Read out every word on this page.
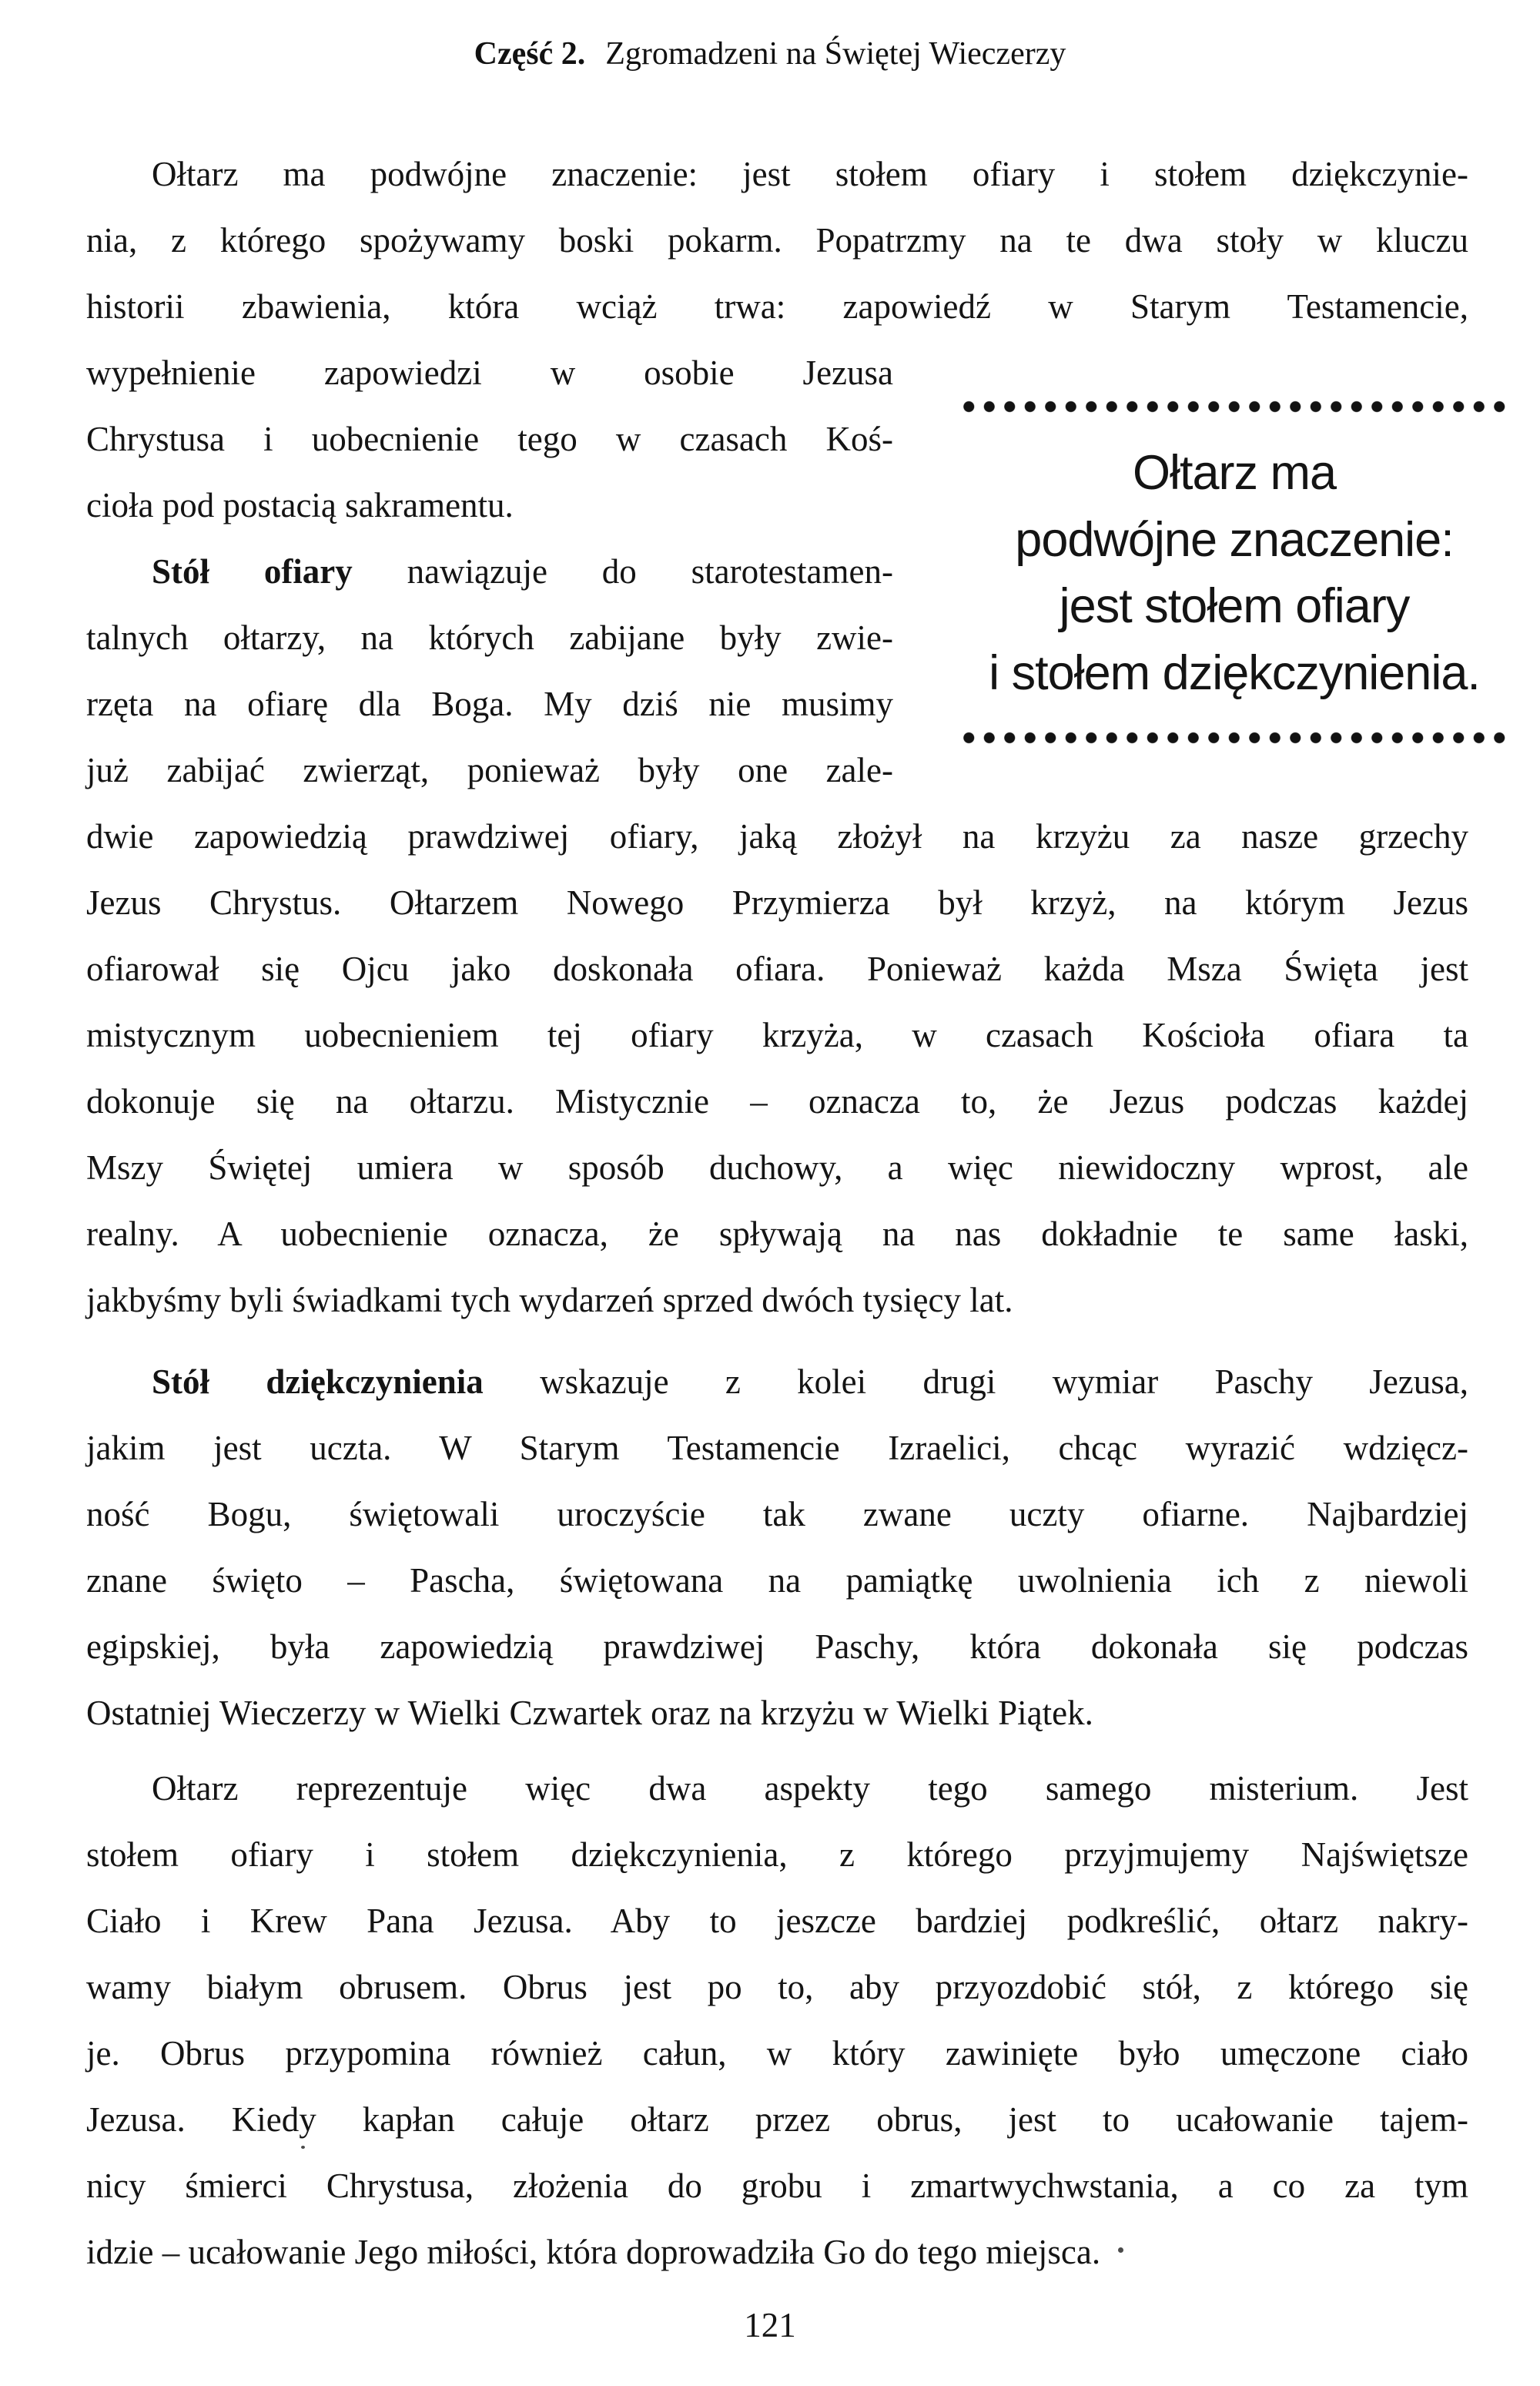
Część 2. Zgromadzeni na Świętej Wieczerzy
Ołtarz ma podwójne znaczenie: jest stołem ofiary i stołem dziękczynie-
nia, z którego spożywamy boski pokarm. Popatrzmy na te dwa stoły w kluczu
historii zbawienia, która wciąż trwa: zapowiedź w Starym Testamencie,
wypełnienie zapowiedzi w osobie Jezusa
Chrystusa i uobecnienie tego w czasach Koś-
cioła pod postacią sakramentu.
Stół ofiary nawiązuje do starotestamen-
talnych ołtarzy, na których zabijane były zwie-
rzęta na ofiarę dla Boga. My dziś nie musimy
już zabijać zwierząt, ponieważ były one zale-
dwie zapowiedzią prawdziwej ofiary, jaką złożył na krzyżu za nasze grzechy
Jezus Chrystus. Ołtarzem Nowego Przymierza był krzyż, na którym Jezus
ofiarował się Ojcu jako doskonała ofiara. Ponieważ każda Msza Święta jest
mistycznym uobecnieniem tej ofiary krzyża, w czasach Kościoła ofiara ta
dokonuje się na ołtarzu. Mistycznie – oznacza to, że Jezus podczas każdej
Mszy Świętej umiera w sposób duchowy, a więc niewidoczny wprost, ale
realny. A uobecnienie oznacza, że spływają na nas dokładnie te same łaski,
jakbyśmy byli świadkami tych wydarzeń sprzed dwóch tysięcy lat.
Stół dziękczynienia wskazuje z kolei drugi wymiar Paschy Jezusa,
jakim jest uczta. W Starym Testamencie Izraelici, chcąc wyrazić wdzięcz-
ność Bogu, świętowali uroczyście tak zwane uczty ofiarne. Najbardziej
znane święto – Pascha, świętowana na pamiątkę uwolnienia ich z niewoli
egipskiej, była zapowiedzią prawdziwej Paschy, która dokonała się podczas
Ostatniej Wieczerzy w Wielki Czwartek oraz na krzyżu w Wielki Piątek.
Ołtarz reprezentuje więc dwa aspekty tego samego misterium. Jest
stołem ofiary i stołem dziękczynienia, z którego przyjmujemy Najświętsze
Ciało i Krew Pana Jezusa. Aby to jeszcze bardziej podkreślić, ołtarz nakry-
wamy białym obrusem. Obrus jest po to, aby przyozdobić stół, z którego się
je. Obrus przypomina również całun, w który zawinięte było umęczone ciało
Jezusa. Kiedy kapłan całuje ołtarz przez obrus, jest to ucałowanie tajem-
nicy śmierci Chrystusa, złożenia do grobu i zmartwychwstania, a co za tym
idzie – ucałowanie Jego miłości, która doprowadziła Go do tego miejsca.
Ołtarz ma
podwójne znaczenie:
jest stołem ofiary
i stołem dziękczynienia.
121
